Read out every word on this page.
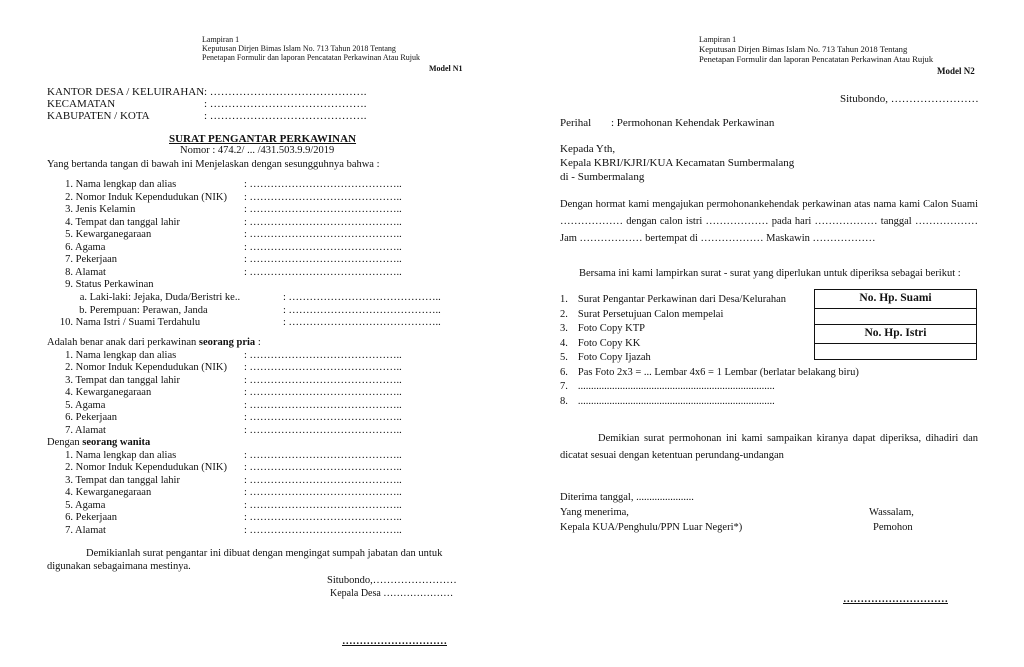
Lampiran 1
Keputusan Dirjen Bimas Islam No. 713 Tahun 2018 Tentang
Penetapan Formulir dan laporan Pencatatan Perkawinan Atau Rujuk
Model N1
KANTOR DESA / KELUIRAHAN : …………………………………….
KECAMATAN	: …………………………………….
KABUPATEN / KOTA	: …………………………………….
SURAT PENGANTAR PERKAWINAN
Nomor : 474.2/ ... /431.503.9.9/2019
Yang bertanda tangan di bawah ini Menjelaskan dengan sesungguhnya bahwa :
1. Nama lengkap dan alias	: ……………………………………..
2. Nomor Induk Kependudukan (NIK) : ……………………………………..
3. Jenis Kelamin	: ……………………………………..
4. Tempat dan tanggal lahir	: ……………………………………..
5. Kewarganegaraan	: ……………………………………..
6. Agama	: ……………………………………..
7. Pekerjaan	: ……………………………………..
8. Alamat	: ……………………………………..
9. Status Perkawinan
a. Laki-laki: Jejaka, Duda/Beristri ke..	: ……………………………………..
b. Perempuan: Perawan, Janda	: ……………………………………..
10. Nama Istri / Suami Terdahulu	: ……………………………………..
Adalah benar anak dari perkawinan seorang pria :
1. Nama lengkap dan alias	: ……………………………………..
2. Nomor Induk Kependudukan (NIK) : ……………………………………..
3. Tempat dan tanggal lahir	: ……………………………………..
4. Kewarganegaraan	: ……………………………………..
5. Agama	: ……………………………………..
6. Pekerjaan	: ……………………………………..
7. Alamat	: ……………………………………..
Dengan seorang wanita
1. Nama lengkap dan alias	: ……………………………………..
2. Nomor Induk Kependudukan (NIK) : ……………………………………..
3. Tempat dan tanggal lahir	: ……………………………………..
4. Kewarganegaraan	: ……………………………………..
5. Agama	: ……………………………………..
6. Pekerjaan	: ……………………………………..
7. Alamat	: ……………………………………..
Demikianlah surat pengantar ini dibuat dengan mengingat sumpah jabatan dan untuk
digunakan sebagaimana mestinya.
Situbondo,……………………
Kepala Desa …………………
…………………………
Lampiran 1
Keputusan Dirjen Bimas Islam No. 713 Tahun 2018 Tentang
Penetapan Formulir dan laporan Pencatatan Perkawinan Atau Rujuk
Model N2
Situbondo, ……………………
Perihal : Permohonan Kehendak Perkawinan
Kepada Yth,
Kepala KBRI/KJRI/KUA Kecamatan Sumbermalang
di - Sumbermalang
Dengan hormat kami mengajukan permohonankehendak perkawinan atas nama kami Calon Suami ……………… dengan calon istri ……………… pada hari ……………… tanggal ……………… Jam ……………… bertempat di ……………… Maskawin ………………
Bersama ini kami lampirkan surat - surat yang diperlukan untuk diperiksa sebagai berikut :
1. Surat Pengantar Perkawinan dari Desa/Kelurahan
2. Surat Persetujuan Calon mempelai
3. Foto Copy KTP
4. Foto Copy KK
5. Foto Copy Ijazah
6. Pas Foto 2x3 = ... Lembar 4x6 = 1 Lembar (berlatar belakang biru)
7. ...........................................................................
8. ...........................................................................
No. Hp. Suami
No. Hp. Istri
Demikian surat permohonan ini kami sampaikan kiranya dapat diperiksa, dihadiri dan dicatat sesuai dengan ketentuan perundang-undangan
Diterima tanggal, ......................
Yang menerima,
Kepala KUA/Penghulu/PPN Luar Negeri*)
Wassalam,
Pemohon
…………………………
